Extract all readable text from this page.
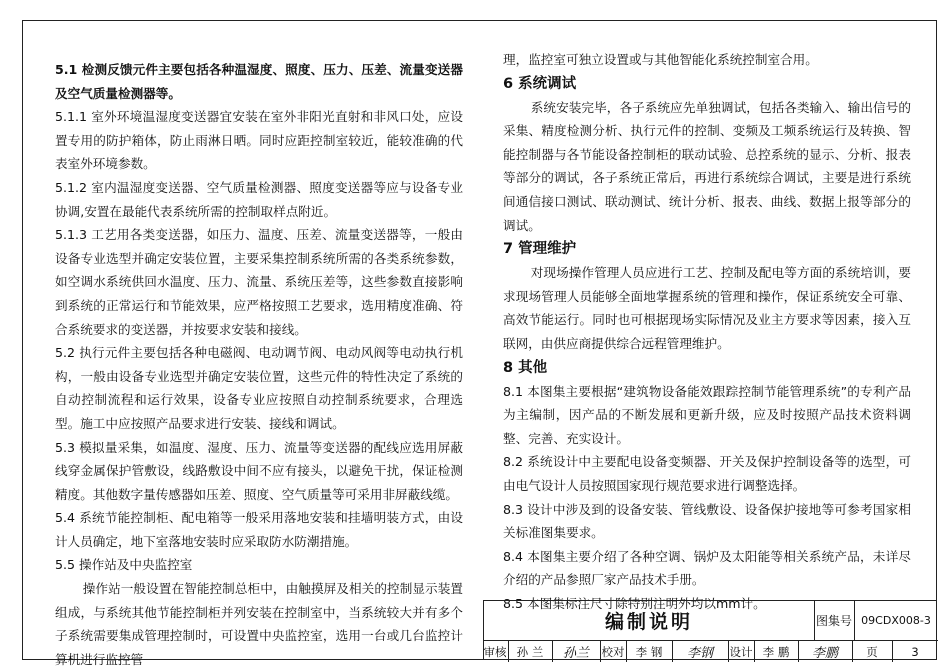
5.1 检测反馈元件主要包括各种温湿度、照度、压力、压差、流量变送器及空气质量检测器等。

5.1.1 室外环境温湿度变送器宜安装在室外非阳光直射和非风口处，应设置专用的防护箱体，防止雨淋日晒。同时应距控制室较近，能较准确的代表室外环境参数。

5.1.2 室内温湿度变送器、空气质量检测器、照度变送器等应与设备专业协调,安置在最能代表系统所需的控制取样点附近。

5.1.3 工艺用各类变送器，如压力、温度、压差、流量变送器等，一般由设备专业选型并确定安装位置，主要采集控制系统所需的各类系统参数，如空调水系统供回水温度、压力、流量、系统压差等，这些参数直接影响到系统的正常运行和节能效果，应严格按照工艺要求，选用精度准确、符合系统要求的变送器，并按要求安装和接线。

5.2 执行元件主要包括各种电磁阀、电动调节阀、电动风阀等电动执行机构，一般由设备专业选型并确定安装位置，这些元件的特性决定了系统的自动控制流程和运行效果，设备专业应按照自动控制系统要求，合理选型。施工中应按照产品要求进行安装、接线和调试。

5.3 模拟量采集，如温度、湿度、压力、流量等变送器的配线应选用屏蔽线穿金属保护管敷设，线路敷设中间不应有接头，以避免干扰，保证检测精度。其他数字量传感器如压差、照度、空气质量等可采用非屏蔽线缆。

5.4 系统节能控制柜、配电箱等一般采用落地安装和挂墙明装方式，由设计人员确定，地下室落地安装时应采取防水防潮措施。

5.5 操作站及中央监控室

操作站一般设置在智能控制总柜中，由触摸屏及相关的控制显示装置组成，与系统其他节能控制柜并列安装在控制室中，当系统较大并有多个子系统需要集成管理控制时，可设置中央监控室，选用一台或几台监控计算机进行监控管

理，监控室可独立设置或与其他智能化系统控制室合用。

6 系统调试

系统安装完毕，各子系统应先单独调试，包括各类输入、输出信号的采集、精度检测分析、执行元件的控制、变频及工频系统运行及转换、智能控制器与各节能设备控制柜的联动试验、总控系统的显示、分析、报表等部分的调试，各子系统正常后，再进行系统综合调试，主要是进行系统间通信接口测试、联动测试、统计分析、报表、曲线、数据上报等部分的调试。

7 管理维护

对现场操作管理人员应进行工艺、控制及配电等方面的系统培训，要求现场管理人员能够全面地掌握系统的管理和操作，保证系统安全可靠、高效节能运行。同时也可根据现场实际情况及业主方要求等因素，接入互联网，由供应商提供综合远程管理维护。

8 其他

8.1 本图集主要根据“建筑物设备能效跟踪控制节能管理系统”的专利产品为主编制，因产品的不断发展和更新升级，应及时按照产品技术资料调整、完善、充实设计。

8.2 系统设计中主要配电设备变频器、开关及保护控制设备等的选型，可由电气设计人员按照国家现行规范要求进行调整选择。

8.3 设计中涉及到的设备安装、管线敷设、设备保护接地等可参考国家相关标准图集要求。

8.4 本图集主要介绍了各种空调、锅炉及太阳能等相关系统产品，未详尽介绍的产品参照厂家产品技术手册。

8.5 本图集标注尺寸除特别注明外均以mm计。

编制说明	图集号 09CDX008-3
审核 孙 兰	孙兰	校对 李 钢	李钢	设计 李 鹏	李鹏	页	3
